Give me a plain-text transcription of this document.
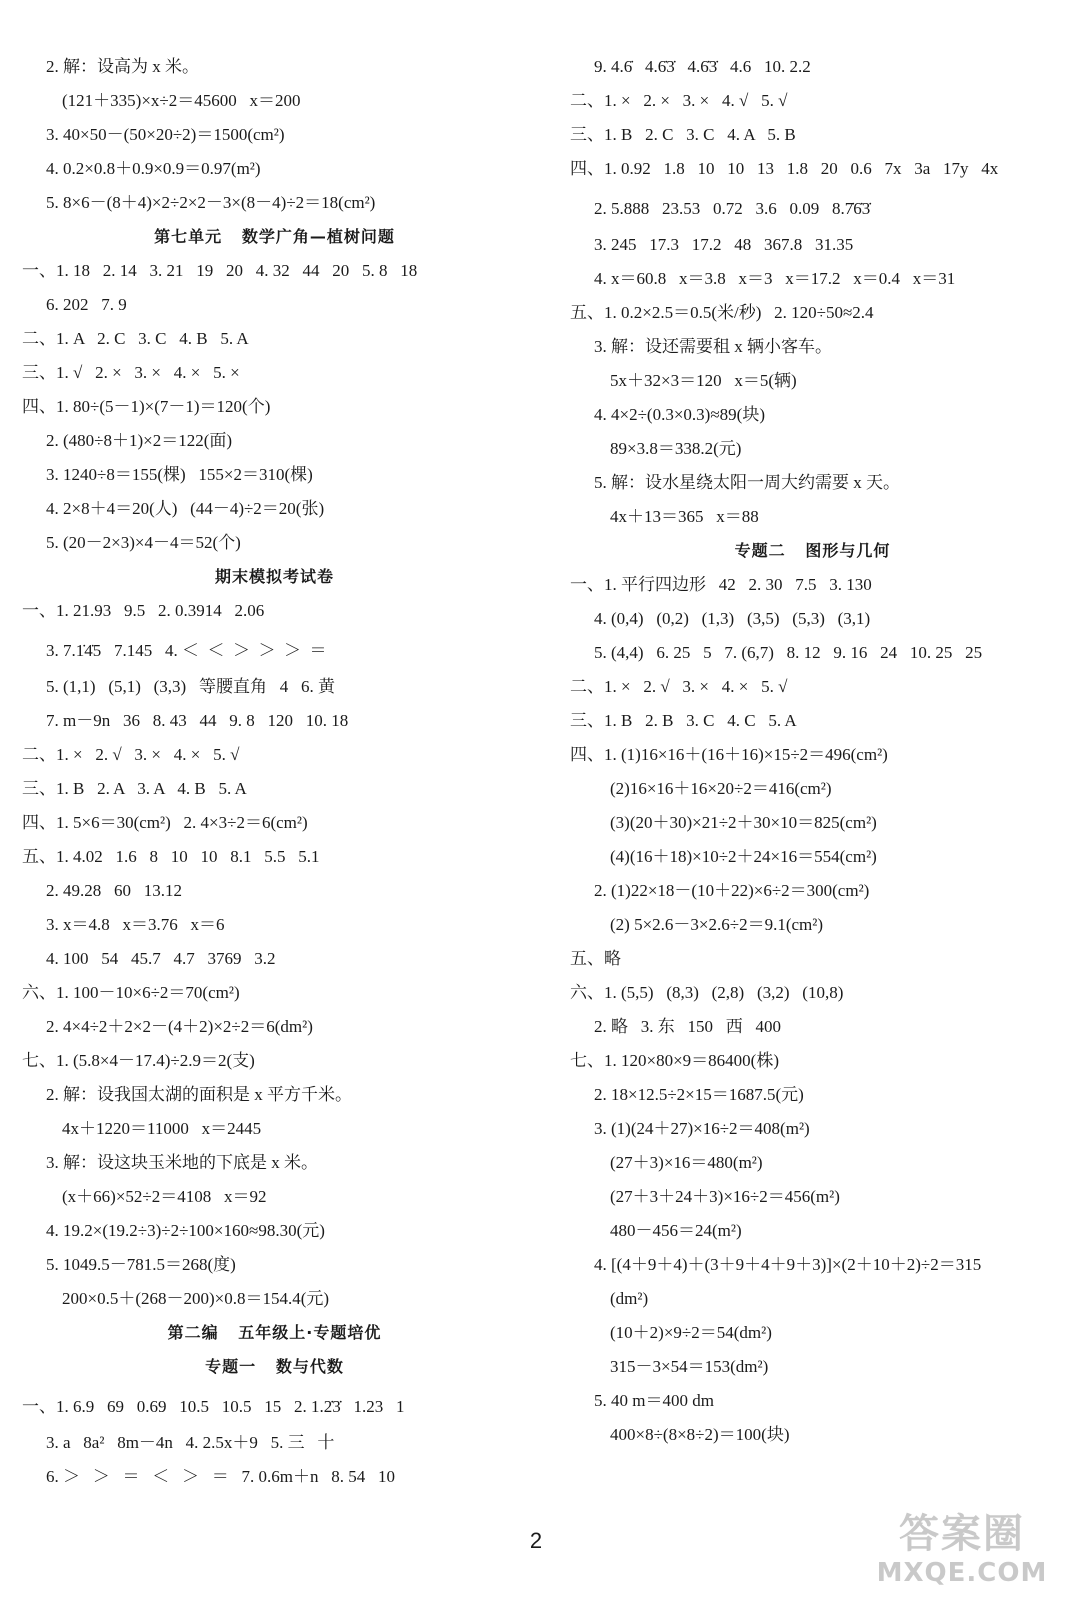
2. 解：设高为 x 米。
(121＋335)×x÷2＝45600   x＝200
3. 40×50－(50×20÷2)＝1500(cm²)
4. 0.2×0.8＋0.9×0.9＝0.97(m²)
5. 8×6－(8＋4)×2÷2×2－3×(8－4)÷2＝18(cm²)
第七单元   数学广角—植树问题
一、1. 18   2. 14   3. 21   19   20   4. 32   44   20   5. 8   18
6. 202   7. 9
二、1. A   2. C   3. C   4. B   5. A
三、1. √   2. ×   3. ×   4. ×   5. ×
四、1. 80÷(5－1)×(7－1)＝120(个)
2. (480÷8＋1)×2＝122(面)
3. 1240÷8＝155(棵)   155×2＝310(棵)
4. 2×8＋4＝20(人)   (44－4)÷2＝20(张)
5. (20－2×3)×4－4＝52(个)
期末模拟考试卷
一、1. 21.93   9.5   2. 0.3914   2.06
3. 7.1̇4̇5   7.145   4. ＜  ＜  ＞  ＞  ＞  ＝
5. (1,1)   (5,1)   (3,3)   等腰直角   4   6. 黄
7. m－9n   36   8. 43   44   9. 8   120   10. 18
二、1. ×   2. √   3. ×   4. ×   5. √
三、1. B   2. A   3. A   4. B   5. A
四、1. 5×6＝30(cm²)   2. 4×3÷2＝6(cm²)
五、1. 4.02   1.6   8   10   10   8.1   5.5   5.1
2. 49.28   60   13.12
3. x＝4.8   x＝3.76   x＝6
4. 100   54   45.7   4.7   3769   3.2
六、1. 100－10×6÷2＝70(cm²)
2. 4×4÷2＋2×2－(4＋2)×2÷2＝6(dm²)
七、1. (5.8×4－17.4)÷2.9＝2(支)
2. 解：设我国太湖的面积是 x 平方千米。
4x＋1220＝11000   x＝2445
3. 解：设这块玉米地的下底是 x 米。
(x＋66)×52÷2＝4108   x＝92
4. 19.2×(19.2÷3)÷2÷100×160≈98.30(元)
5. 1049.5－781.5＝268(度)
200×0.5＋(268－200)×0.8＝154.4(元)
第二编   五年级上·专题培优
专题一   数与代数
一、1. 6.9   69   0.69   10.5   10.5   15   2. 1.2̇3̇   1.23   1
3. a   8a²   8m－4n   4. 2.5x＋9   5. 三   十
6. ＞   ＞   ＝   ＜   ＞   ＝   7. 0.6m＋n   8. 54   10
9. 4.6̇   4.6̇3̇   4.6̇3̇   4.6   10. 2.2
二、1. ×   2. ×   3. ×   4. √   5. √
三、1. B   2. C   3. C   4. A   5. B
四、1. 0.92   1.8   10   10   13   1.8   20   0.6   7x   3a   17y   4x
2. 5.888   23.53   0.72   3.6   0.09   8.7̇6̇3̇
3. 245   17.3   17.2   48   367.8   31.35
4. x＝60.8   x＝3.8   x＝3   x＝17.2   x＝0.4   x＝31
五、1. 0.2×2.5＝0.5(米/秒)   2. 120÷50≈2.4
3. 解：设还需要租 x 辆小客车。
5x＋32×3＝120   x＝5(辆)
4. 4×2÷(0.3×0.3)≈89(块)
89×3.8＝338.2(元)
5. 解：设水星绕太阳一周大约需要 x 天。
4x＋13＝365   x＝88
专题二   图形与几何
一、1. 平行四边形   42   2. 30   7.5   3. 130
4. (0,4)   (0,2)   (1,3)   (3,5)   (5,3)   (3,1)
5. (4,4)   6. 25   5   7. (6,7)   8. 12   9. 16   24   10. 25   25
二、1. ×   2. √   3. ×   4. ×   5. √
三、1. B   2. B   3. C   4. C   5. A
四、1. (1)16×16＋(16＋16)×15÷2＝496(cm²)
(2)16×16＋16×20÷2＝416(cm²)
(3)(20＋30)×21÷2＋30×10＝825(cm²)
(4)(16＋18)×10÷2＋24×16＝554(cm²)
2. (1)22×18－(10＋22)×6÷2＝300(cm²)
(2) 5×2.6－3×2.6÷2＝9.1(cm²)
五、略
六、1. (5,5)   (8,3)   (2,8)   (3,2)   (10,8)
2. 略   3. 东   150   西   400
七、1. 120×80×9＝86400(株)
2. 18×12.5÷2×15＝1687.5(元)
3. (1)(24＋27)×16÷2＝408(m²)
(27＋3)×16＝480(m²)
(27＋3＋24＋3)×16÷2＝456(m²)
480－456＝24(m²)
4. [(4＋9＋4)＋(3＋9＋4＋9＋3)]×(2＋10＋2)÷2＝315
(dm²)
(10＋2)×9÷2＝54(dm²)
315－3×54＝153(dm²)
5. 40 m＝400 dm
400×8÷(8×8÷2)＝100(块)
2	答案圈
MXQE.COM
